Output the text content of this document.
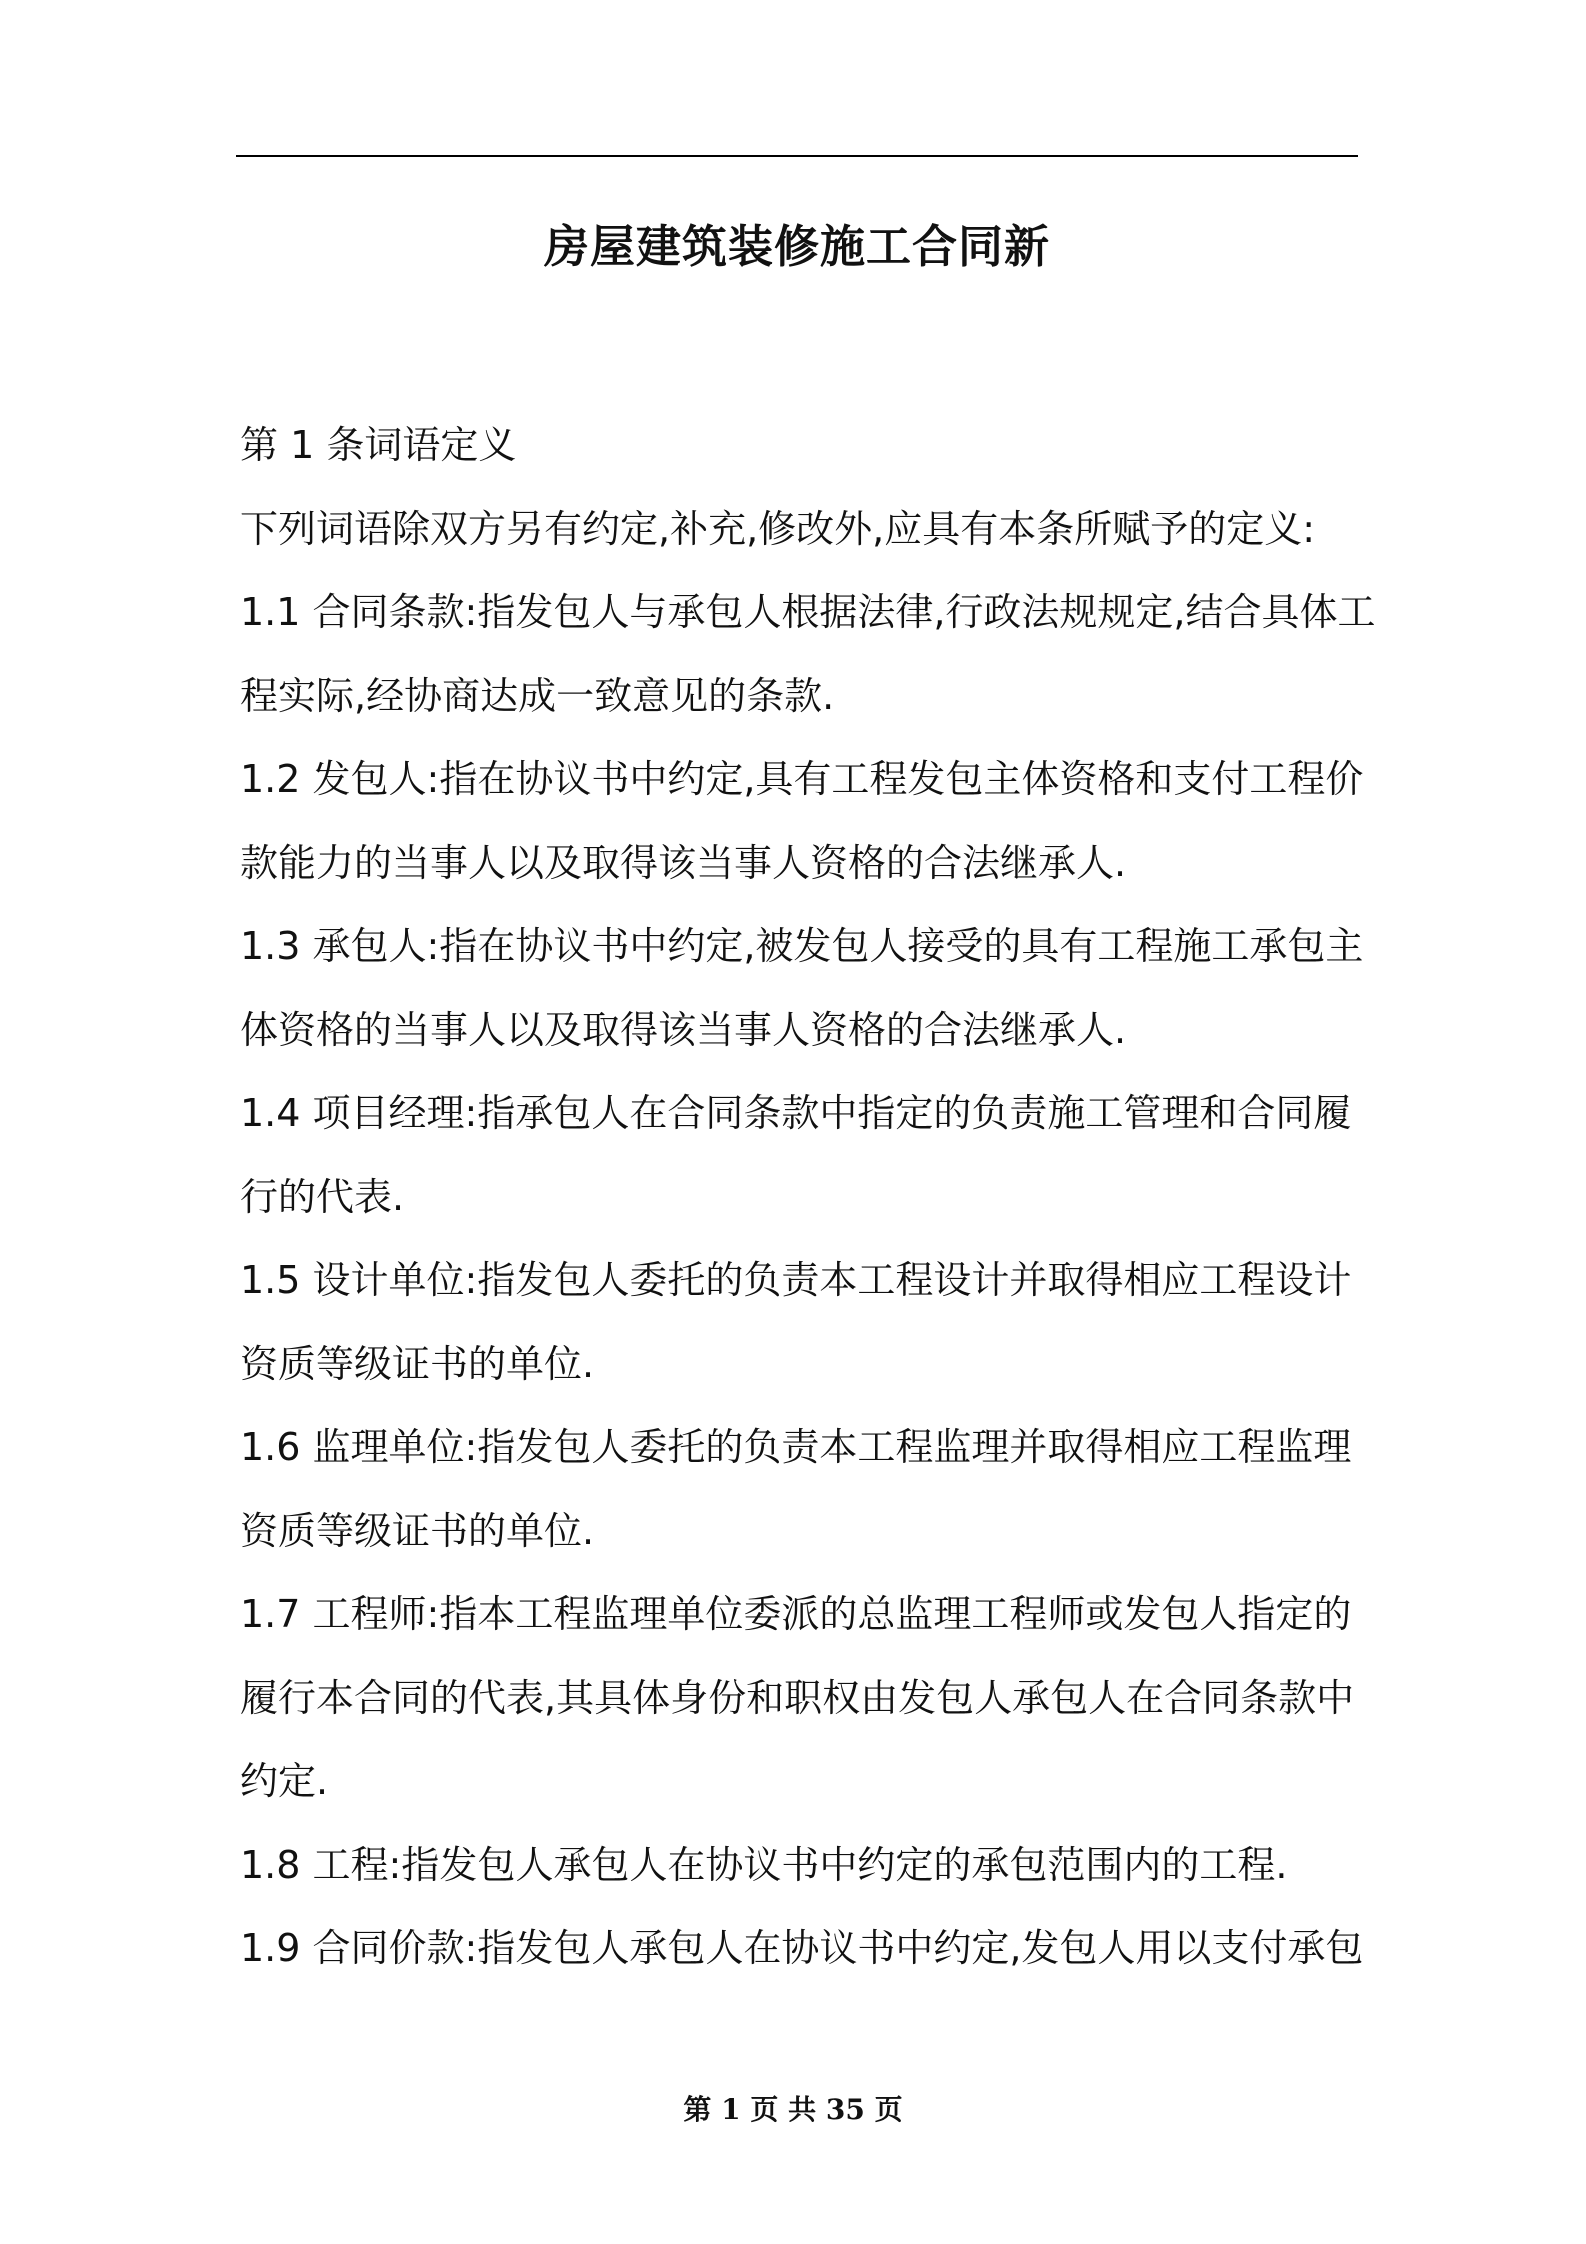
房屋建筑装修施工合同新
第 1 条词语定义
下列词语除双方另有约定,补充,修改外,应具有本条所赋予的定义:
1.1 合同条款:指发包人与承包人根据法律,行政法规规定,结合具体工
程实际,经协商达成一致意见的条款.
1.2 发包人:指在协议书中约定,具有工程发包主体资格和支付工程价
款能力的当事人以及取得该当事人资格的合法继承人.
1.3 承包人:指在协议书中约定,被发包人接受的具有工程施工承包主
体资格的当事人以及取得该当事人资格的合法继承人.
1.4 项目经理:指承包人在合同条款中指定的负责施工管理和合同履
行的代表.
1.5 设计单位:指发包人委托的负责本工程设计并取得相应工程设计
资质等级证书的单位.
1.6 监理单位:指发包人委托的负责本工程监理并取得相应工程监理
资质等级证书的单位.
1.7 工程师:指本工程监理单位委派的总监理工程师或发包人指定的
履行本合同的代表,其具体身份和职权由发包人承包人在合同条款中
约定.
1.8 工程:指发包人承包人在协议书中约定的承包范围内的工程.
1.9 合同价款:指发包人承包人在协议书中约定,发包人用以支付承包
第 1 页 共 35 页
